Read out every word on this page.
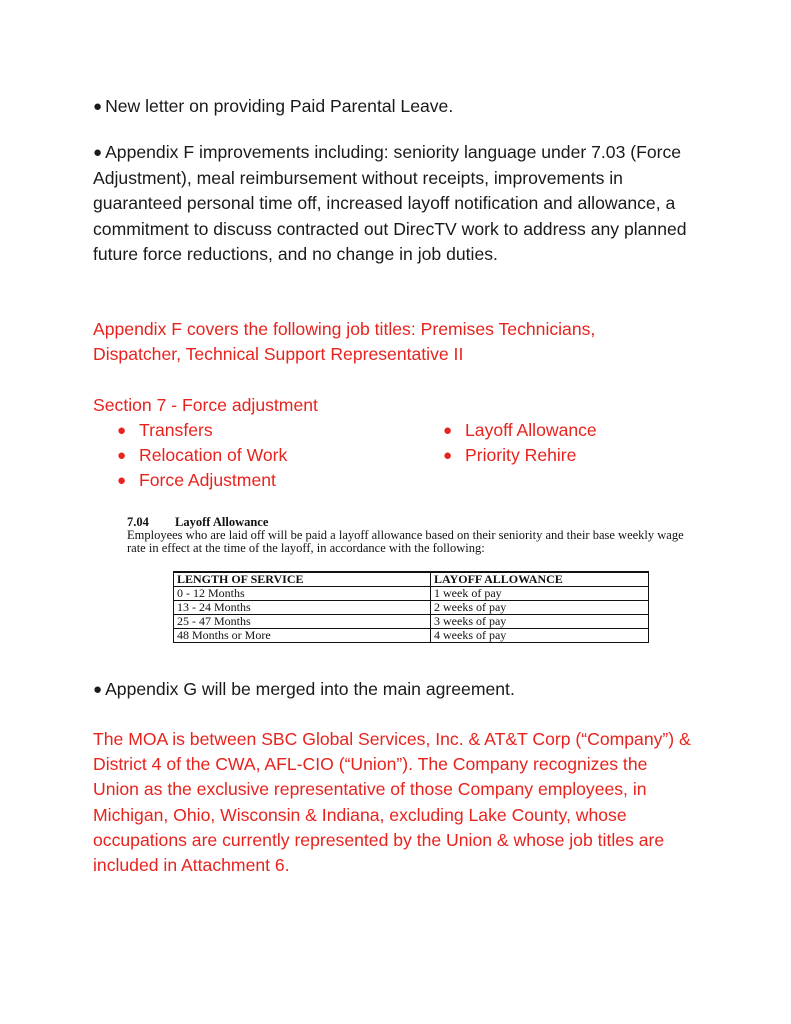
● New letter on providing Paid Parental Leave.

● Appendix F improvements including: seniority language under 7.03 (Force Adjustment), meal reimbursement without receipts, improvements in guaranteed personal time off, increased layoff notification and allowance, a commitment to discuss contracted out DirecTV work to address any planned future force reductions, and no change in job duties.

Appendix F covers the following job titles: Premises Technicians, Dispatcher, Technical Support Representative II

Section 7 - Force adjustment

● Transfers
● Relocation of Work
● Force Adjustment
● Layoff Allowance
● Priority Rehire
7.04 Layoff Allowance
Employees who are laid off will be paid a layoff allowance based on their seniority and their base weekly wage rate in effect at the time of the layoff, in accordance with the following:
LENGTH OF SERVICE	LAYOFF ALLOWANCE
0 - 12 Months	1 week of pay
13 - 24 Months	2 weeks of pay
25 - 47 Months	3 weeks of pay
48 Months or More	4 weeks of pay

● Appendix G will be merged into the main agreement.

The MOA is between SBC Global Services, Inc. & AT&T Corp (“Company”) & District 4 of the CWA, AFL-CIO (“Union”). The Company recognizes the Union as the exclusive representative of those Company employees, in Michigan, Ohio, Wisconsin & Indiana, excluding Lake County, whose occupations are currently represented by the Union & whose job titles are included in Attachment 6.
